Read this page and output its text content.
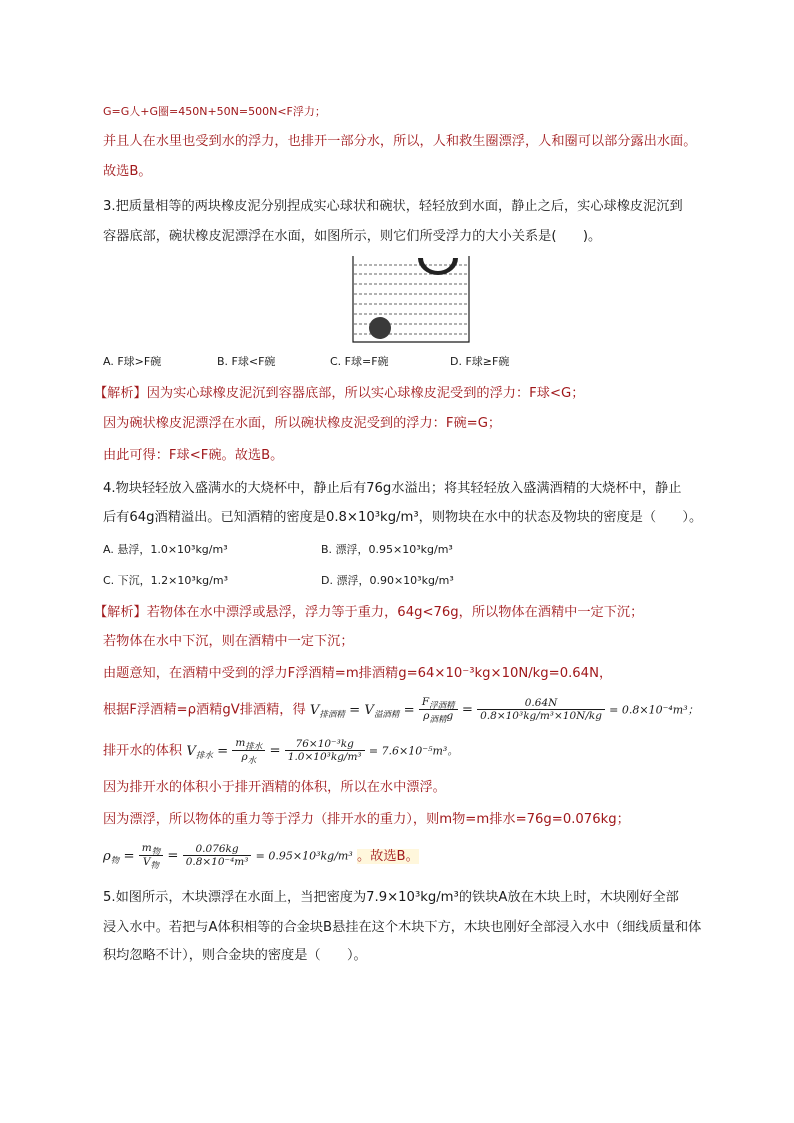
G=G人+G圈=450N+50N=500N<F浮力；
并且人在水里也受到水的浮力，也排开一部分水，所以，人和救生圈漂浮，人和圈可以部分露出水面。
故选B。
3.把质量相等的两块橡皮泥分别捏成实心球状和碗状，轻轻放到水面，静止之后，实心球橡皮泥沉到
容器底部，碗状橡皮泥漂浮在水面，如图所示，则它们所受浮力的大小关系是(　　)。
A. F球>F碗	B. F球<F碗	C. F球=F碗	D. F球≥F碗
【解析】因为实心球橡皮泥沉到容器底部，所以实心球橡皮泥受到的浮力：F球<G；
因为碗状橡皮泥漂浮在水面，所以碗状橡皮泥受到的浮力：F碗=G；
由此可得：F球<F碗。故选B。
4.物块轻轻放入盛满水的大烧杯中，静止后有76g水溢出；将其轻轻放入盛满酒精的大烧杯中，静止
后有64g酒精溢出。已知酒精的密度是0.8×10³kg/m³，则物块在水中的状态及物块的密度是（　　）。
A. 悬浮，1.0×10³kg/m³	B. 漂浮，0.95×10³kg/m³
C. 下沉，1.2×10³kg/m³	D. 漂浮，0.90×10³kg/m³
【解析】若物体在水中漂浮或悬浮，浮力等于重力，64g<76g，所以物体在酒精中一定下沉；
若物体在水中下沉，则在酒精中一定下沉；
由题意知，在酒精中受到的浮力F浮酒精=m排酒精g=64×10⁻³kg×10N/kg=0.64N，
根据F浮酒精=ρ酒精gV排酒精，得 $V_{排酒精} = V_{溢酒精} = \frac{F_{浮酒精}}{\rho_{酒精}g} = \frac{0.64N}{\text{0.8×10³kg/m³×10N/kg}} = 0.8\times 10^{-4}m^3$；
排开水的体积 $V_{排水} = \frac{m_{排水}}{\rho_水} = \frac{\text{76×10⁻³kg}}{\text{1.0×10³kg/m³}} = 7.6\times 10^{-5}m^3$。
因为排开水的体积小于排开酒精的体积，所以在水中漂浮。
因为漂浮，所以物体的重力等于浮力（排开水的重力），则m物=m排水=76g=0.076kg；
$\rho_物 = \frac{m_物}{V_物} = \frac{0.076kg}{\text{0.8×10⁻⁴m³}} = 0.95\times 10^3kg/m^3$ 。故选B。
5.如图所示，木块漂浮在水面上，当把密度为7.9×10³kg/m³的铁块A放在木块上时，木块刚好全部
浸入水中。若把与A体积相等的合金块B悬挂在这个木块下方，木块也刚好全部浸入水中（细线质量和体
积均忽略不计），则合金块的密度是（　　）。
